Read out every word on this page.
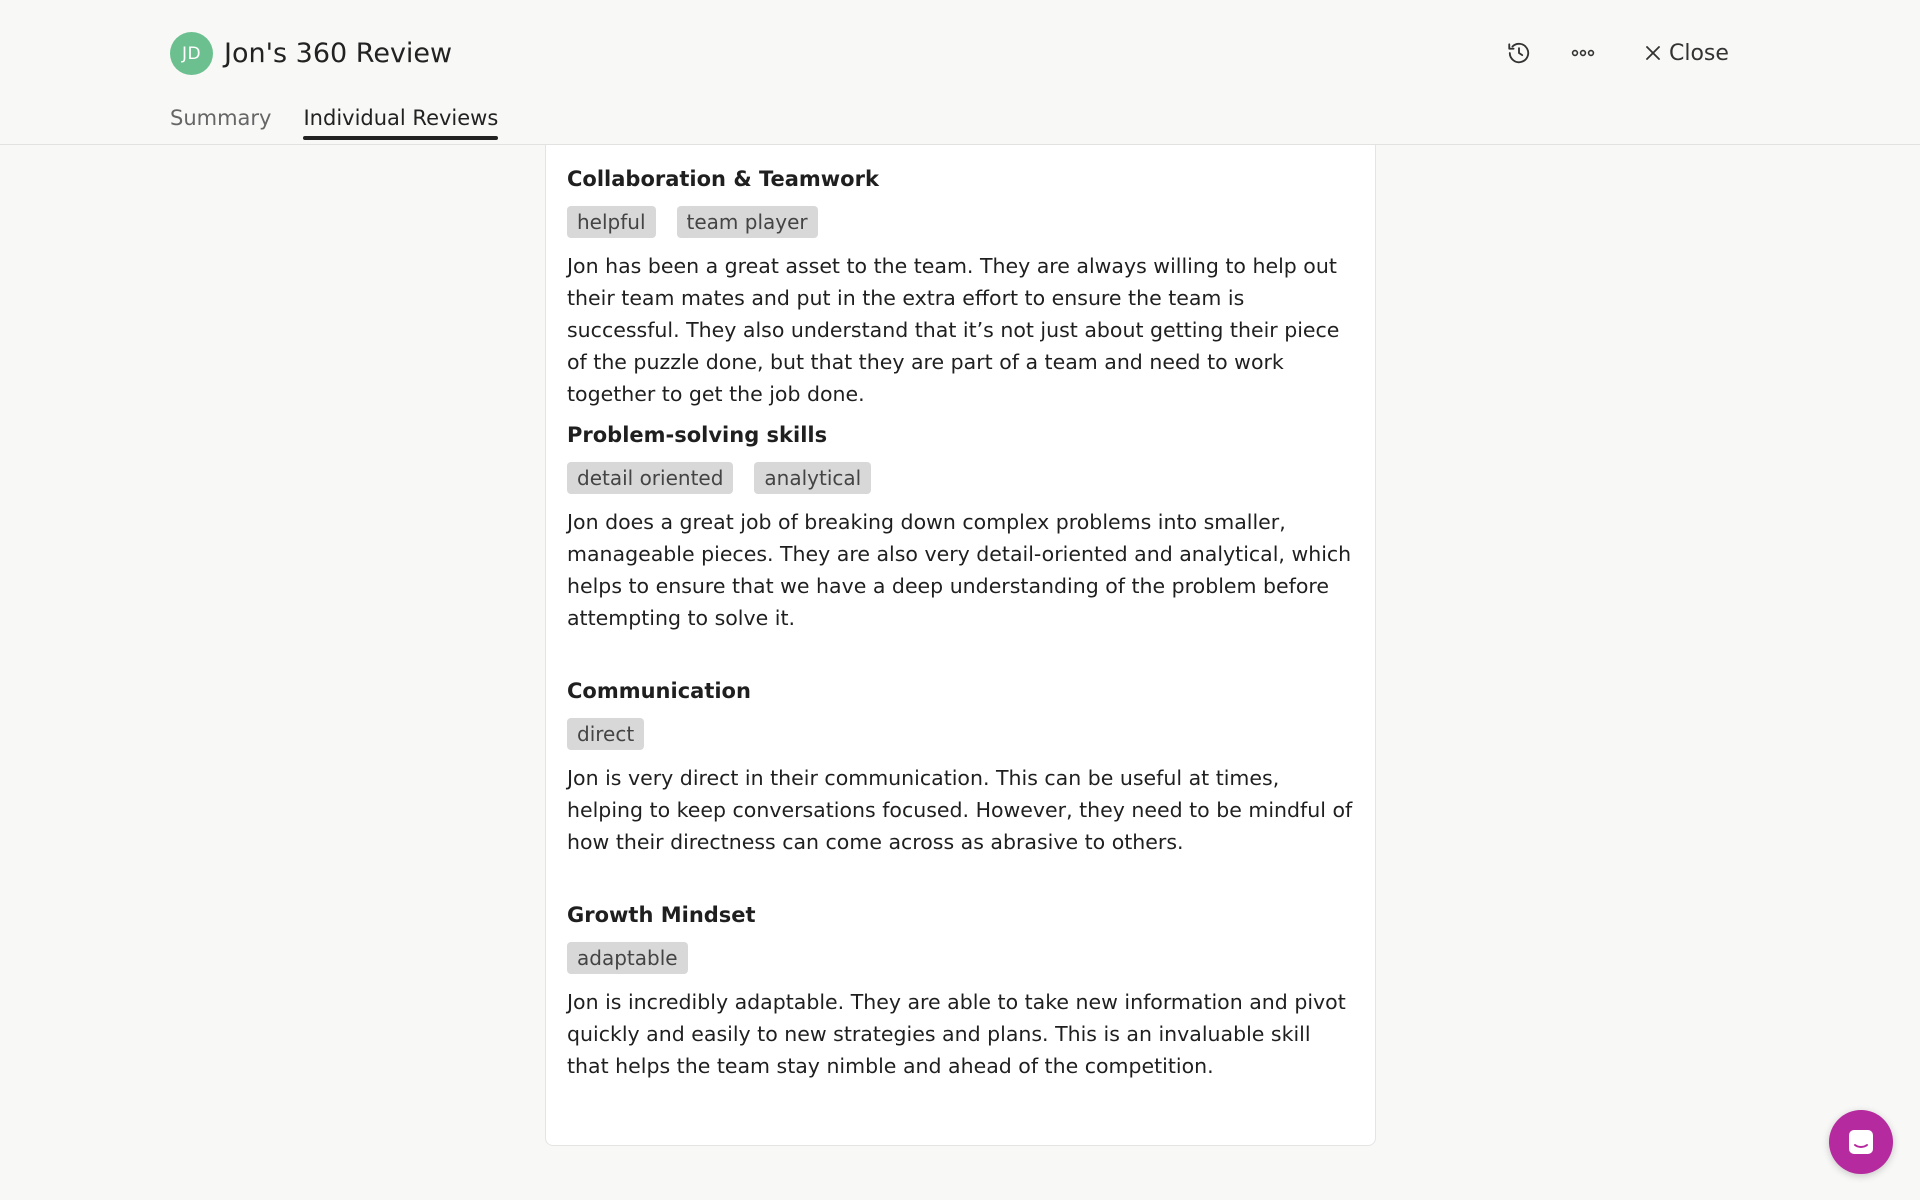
JD Jon's 360 Review	Close
Summary Individual Reviews
Collaboration & Teamwork
helpful	team player

Jon has been a great asset to the team. They are always willing to help out their team mates and put in the extra effort to ensure the team is successful. They also understand that it’s not just about getting their piece of the puzzle done, but that they are part of a team and need to work together to get the job done.

Problem-solving skills
detail oriented	analytical

Jon does a great job of breaking down complex problems into smaller, manageable pieces. They are also very detail-oriented and analytical, which helps to ensure that we have a deep understanding of the problem before attempting to solve it.

Communication
direct

Jon is very direct in their communication. This can be useful at times, helping to keep conversations focused. However, they need to be mindful of how their directness can come across as abrasive to others.

Growth Mindset
adaptable

Jon is incredibly adaptable. They are able to take new information and pivot quickly and easily to new strategies and plans. This is an invaluable skill that helps the team stay nimble and ahead of the competition.
